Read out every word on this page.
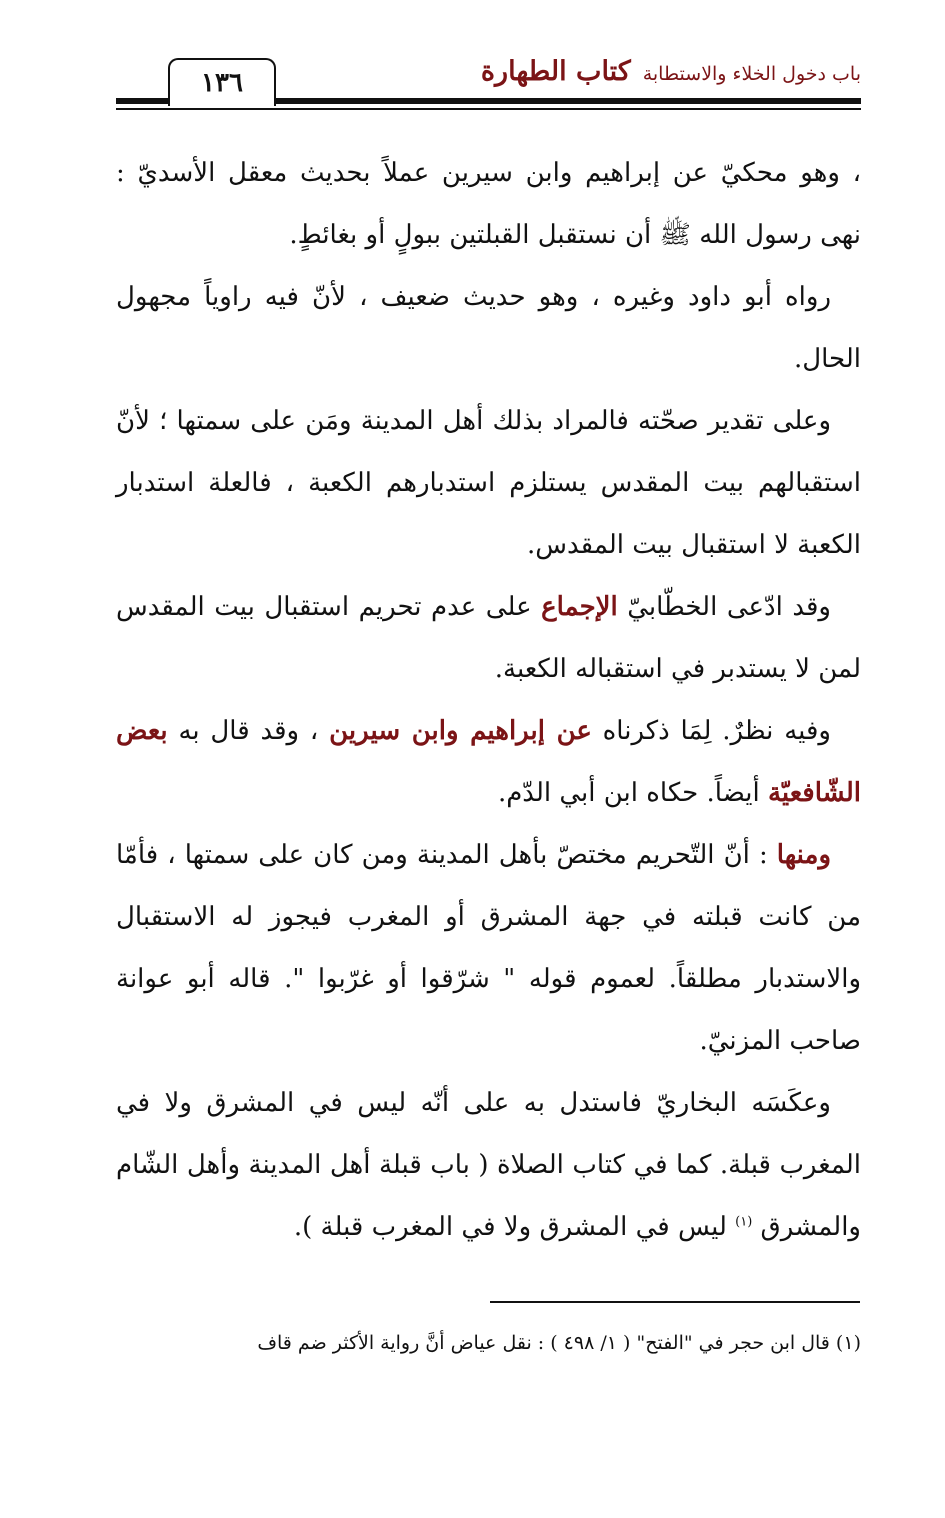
١٣٦	كتاب الطهارة باب دخول الخلاء والاستطابة

، وهو محكيّ عن إبراهيم وابن سيرين عملاً بحديث معقل الأسديّ : نهى رسول الله ﷺ أن نستقبل القبلتين ببولٍ أو بغائطٍ.

رواه أبو داود وغيره ، وهو حديث ضعيف ، لأنّ فيه راوياً مجهول الحال.

وعلى تقدير صحّته فالمراد بذلك أهل المدينة ومَن على سمتها ؛ لأنّ استقبالهم بيت المقدس يستلزم استدبارهم الكعبة ، فالعلة استدبار الكعبة لا استقبال بيت المقدس.

وقد ادّعى الخطّابيّ الإجماع على عدم تحريم استقبال بيت المقدس لمن لا يستدبر في استقباله الكعبة.

وفيه نظرٌ. لِمَا ذكرناه عن إبراهيم وابن سيرين ، وقد قال به بعض الشّافعيّة أيضاً. حكاه ابن أبي الدّم.

ومنها : أنّ التّحريم مختصّ بأهل المدينة ومن كان على سمتها ، فأمّا من كانت قبلته في جهة المشرق أو المغرب فيجوز له الاستقبال والاستدبار مطلقاً. لعموم قوله " شرّقوا أو غرّبوا ". قاله أبو عوانة صاحب المزنيّ.

وعكَسَه البخاريّ فاستدل به على أنّه ليس في المشرق ولا في المغرب قبلة. كما في كتاب الصلاة ( باب قبلة أهل المدينة وأهل الشّام والمشرق $^{(١)}$ ليس في المشرق ولا في المغرب قبلة ).

(١) قال ابن حجر في "الفتح" ( ١/ ٤٩٨ ) : نقل عياض أنَّ رواية الأكثر ضم قاف
